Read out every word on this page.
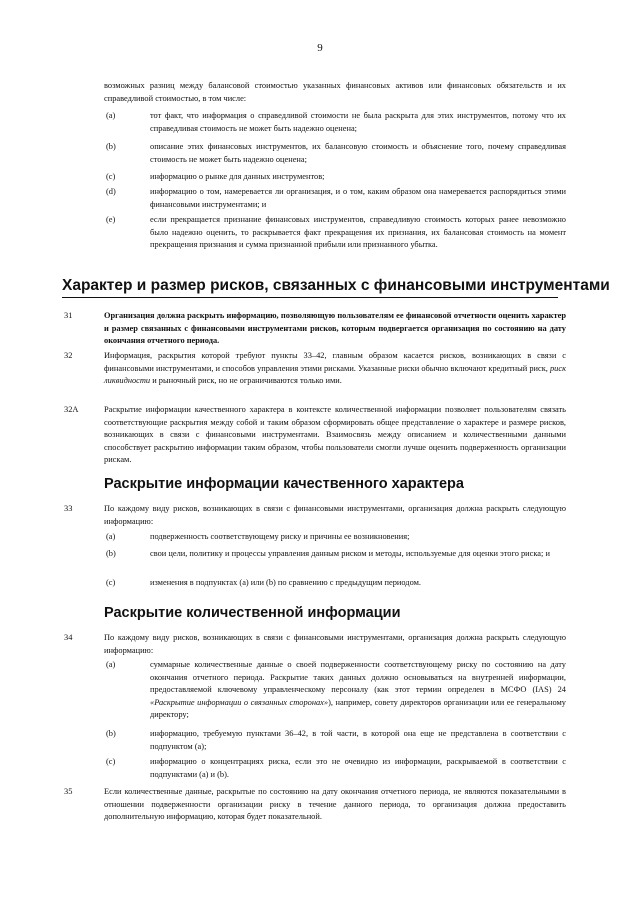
9
возможных разниц между балансовой стоимостью указанных финансовых активов или финансовых обязательств и их справедливой стоимостью, в том числе:
(a)	тот факт, что информация о справедливой стоимости не была раскрыта для этих инструментов, потому что их справедливая стоимость не может быть надежно оценена;
(b)	описание этих финансовых инструментов, их балансовую стоимость и объяснение того, почему справедливая стоимость не может быть надежно оценена;
(c)	информацию о рынке для данных инструментов;
(d)	информацию о том, намеревается ли организация, и о том, каким образом она намеревается распорядиться этими финансовыми инструментами; и
(e)	если прекращается признание финансовых инструментов, справедливую стоимость которых ранее невозможно было надежно оценить, то раскрывается факт прекращения их признания, их балансовая стоимость на момент прекращения признания и сумма признанной прибыли или признанного убытка.
Характер и размер рисков, связанных с финансовыми инструментами
31	Организация должна раскрыть информацию, позволяющую пользователям ее финансовой отчетности оценить характер и размер связанных с финансовыми инструментами рисков, которым подвергается организация по состоянию на дату окончания отчетного периода.
32	Информация, раскрытия которой требуют пункты 33–42, главным образом касается рисков, возникающих в связи с финансовыми инструментами, и способов управления этими рисками. Указанные риски обычно включают кредитный риск, риск ликвидности и рыночный риск, но не ограничиваются только ими.
32A	Раскрытие информации качественного характера в контексте количественной информации позволяет пользователям связать соответствующие раскрытия между собой и таким образом сформировать общее представление о характере и размере рисков, возникающих в связи с финансовыми инструментами. Взаимосвязь между описанием и количественными данными способствует раскрытию информации таким образом, чтобы пользователи смогли лучше оценить подверженность организации рискам.
Раскрытие информации качественного характера
33	По каждому виду рисков, возникающих в связи с финансовыми инструментами, организация должна раскрыть следующую информацию:
(a)	подверженность соответствующему риску и причины ее возникновения;
(b)	свои цели, политику и процессы управления данным риском и методы, используемые для оценки этого риска; и
(c)	изменения в подпунктах (a) или (b) по сравнению с предыдущим периодом.
Раскрытие количественной информации
34	По каждому виду рисков, возникающих в связи с финансовыми инструментами, организация должна раскрыть следующую информацию:
(a)	суммарные количественные данные о своей подверженности соответствующему риску по состоянию на дату окончания отчетного периода. Раскрытие таких данных должно основываться на внутренней информации, предоставляемой ключевому управленческому персоналу (как этот термин определен в МСФО (IAS) 24 «Раскрытие информации о связанных сторонах»), например, совету директоров организации или ее генеральному директору;
(b)	информацию, требуемую пунктами 36–42, в той части, в которой она еще не представлена в соответствии с подпунктом (a);
(c)	информацию о концентрациях риска, если это не очевидно из информации, раскрываемой в соответствии с подпунктами (a) и (b).
35	Если количественные данные, раскрытые по состоянию на дату окончания отчетного периода, не являются показательными в отношении подверженности организации риску в течение данного периода, то организация должна предоставить дополнительную информацию, которая будет показательной.
